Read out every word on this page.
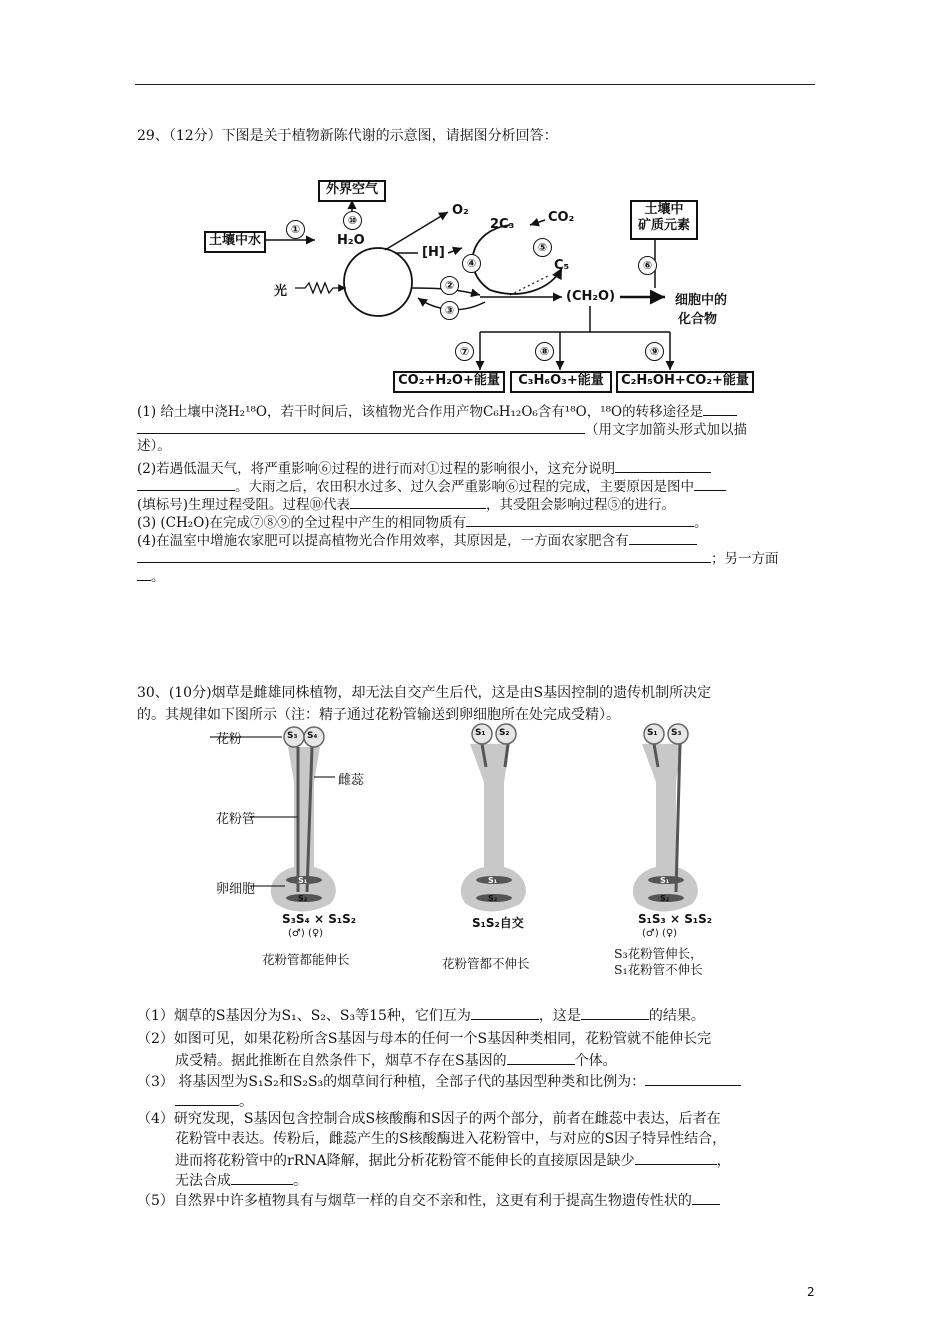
29、（12分）下图是关于植物新陈代谢的示意图，请据图分析回答：
外界空气
土壤中水	H₂O
O₂
[H]
2C₃	CO₂
C₅
光	(CH₂O)
土壤中
矿质元素
细胞中的
化合物
CO₂+H₂O+能量	C₃H₆O₃+能量	C₂H₅OH+CO₂+能量
①
⑩
②
③
④
⑤
⑥
⑦	⑧	⑨
(1) 给土壤中浇H₂¹⁸O，若干时间后，该植物光合作用产物C₆H₁₂O₆含有¹⁸O，¹⁸O的转移途径是
（用文字加箭头形式加以描
述）。
(2)若遇低温天气，将严重影响⑥过程的进行而对①过程的影响很小，这充分说明
。大雨之后，农田积水过多、过久会严重影响⑥过程的完成，主要原因是图中
(填标号)生理过程受阻。过程⑩代表	，其受阻会影响过程⑤的进行。
(3) (CH₂O)在完成⑦⑧⑨的全过程中产生的相同物质有	。
(4)在温室中增施农家肥可以提高植物光合作用效率，其原因是，一方面农家肥含有
；另一方面
。
30、(10分)烟草是雌雄同株植物，却无法自交产生后代，这是由S基因控制的遗传机制所决定
的。其规律如下图所示（注：精子通过花粉管输送到卵细胞所在处完成受精）。
花粉
雌蕊
花粉管
卵细胞
S₃ S₄
S₁
S₂
S₁ S₂
S₁
S₂
S₁ S₃
S₁
S₂
S₃S₄ × S₁S₂
(♂) (♀)
S₁S₂自交	S₁S₃ × S₁S₂
(♂) (♀)
花粉管都能伸长	花粉管都不伸长
S₃花粉管伸长，
S₁花粉管不伸长
（1）烟草的S基因分为S₁、S₂、S₃等15种，它们互为	，这是	的结果。
（2）如图可见，如果花粉所含S基因与母本的任何一个S基因种类相同，花粉管就不能伸长完
成受精。据此推断在自然条件下，烟草不存在S基因的	个体。
（3） 将基因型为S₁S₂和S₂S₃的烟草间行种植，全部子代的基因型种类和比例为：
。
（4）研究发现，S基因包含控制合成S核酸酶和S因子的两个部分，前者在雌蕊中表达，后者在
花粉管中表达。传粉后，雌蕊产生的S核酸酶进入花粉管中，与对应的S因子特异性结合，
进而将花粉管中的rRNA降解，据此分析花粉管不能伸长的直接原因是缺少	，
无法合成	。
（5）自然界中许多植物具有与烟草一样的自交不亲和性，这更有利于提高生物遗传性状的
2
